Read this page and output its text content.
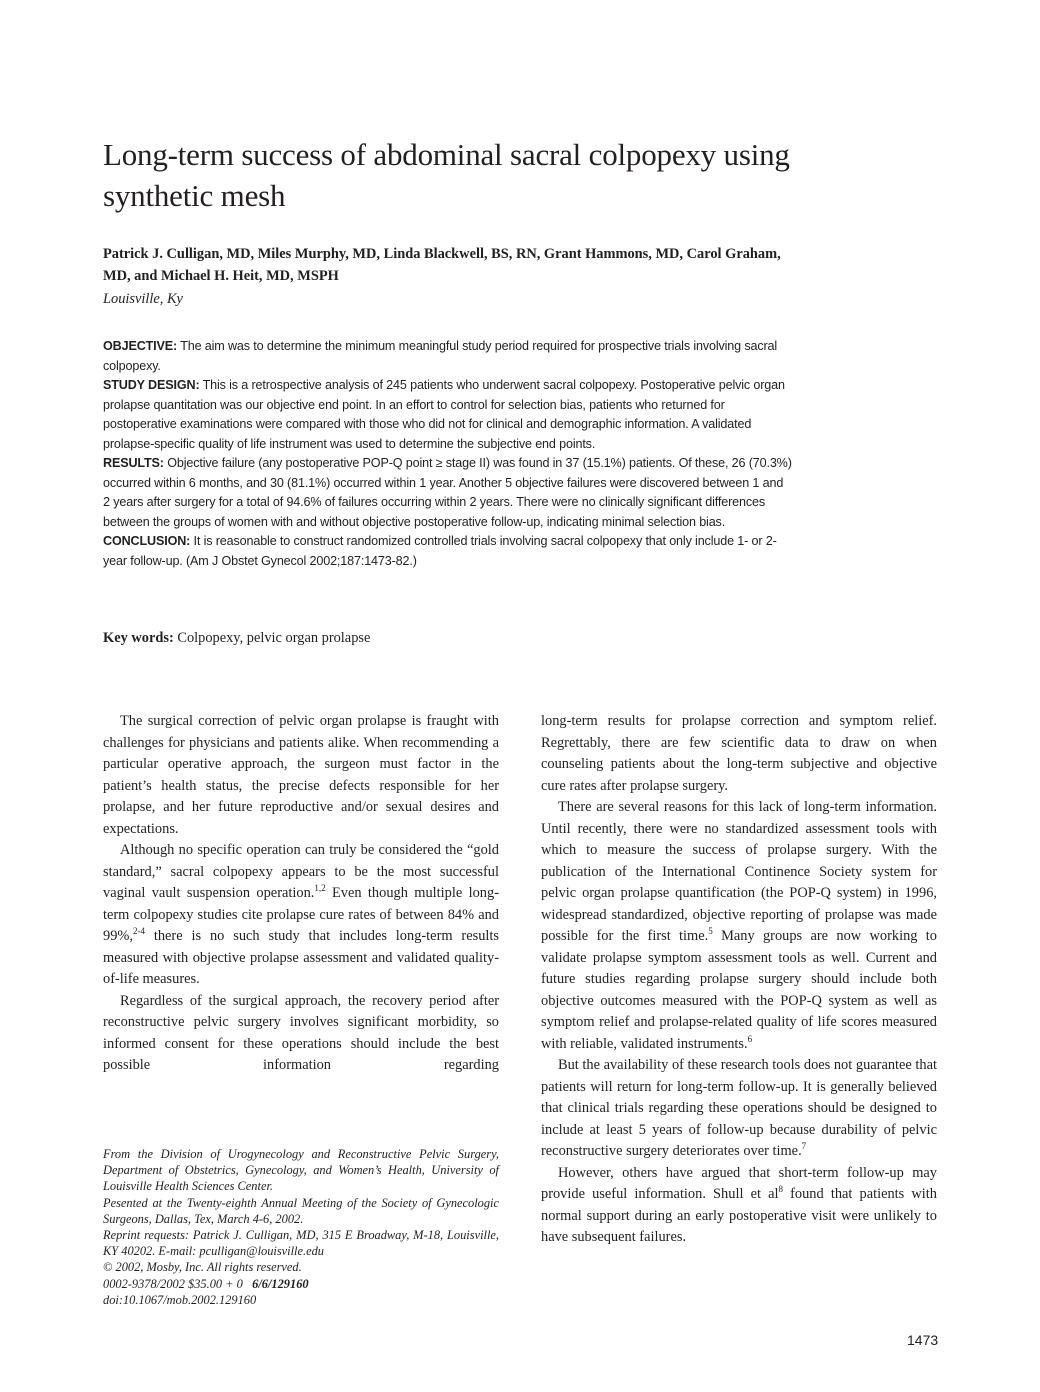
Long-term success of abdominal sacral colpopexy using synthetic mesh
Patrick J. Culligan, MD, Miles Murphy, MD, Linda Blackwell, BS, RN, Grant Hammons, MD, Carol Graham, MD, and Michael H. Heit, MD, MSPH
Louisville, Ky

OBJECTIVE: The aim was to determine the minimum meaningful study period required for prospective trials involving sacral colpopexy.

STUDY DESIGN: This is a retrospective analysis of 245 patients who underwent sacral colpopexy. Postoperative pelvic organ prolapse quantitation was our objective end point. In an effort to control for selection bias, patients who returned for postoperative examinations were compared with those who did not for clinical and demographic information. A validated prolapse-specific quality of life instrument was used to determine the subjective end points.

RESULTS: Objective failure (any postoperative POP-Q point ≥ stage II) was found in 37 (15.1%) patients. Of these, 26 (70.3%) occurred within 6 months, and 30 (81.1%) occurred within 1 year. Another 5 objective failures were discovered between 1 and 2 years after surgery for a total of 94.6% of failures occurring within 2 years. There were no clinically significant differences between the groups of women with and without objective postoperative follow-up, indicating minimal selection bias.

CONCLUSION: It is reasonable to construct randomized controlled trials involving sacral colpopexy that only include 1- or 2-year follow-up. (Am J Obstet Gynecol 2002;187:1473-82.)

Key words: Colpopexy, pelvic organ prolapse

The surgical correction of pelvic organ prolapse is fraught with challenges for physicians and patients alike. When recommending a particular operative approach, the surgeon must factor in the patient’s health status, the precise defects responsible for her prolapse, and her future reproductive and/or sexual desires and expectations.

Although no specific operation can truly be considered the “gold standard,” sacral colpopexy appears to be the most successful vaginal vault suspension operation.$^{1,2}$ Even though multiple long-term colpopexy studies cite prolapse cure rates of between 84% and 99%,$^{2-4}$ there is no such study that includes long-term results measured with objective prolapse assessment and validated quality-of-life measures.

Regardless of the surgical approach, the recovery period after reconstructive pelvic surgery involves significant morbidity, so informed consent for these operations should include the best possible information regarding

long-term results for prolapse correction and symptom relief. Regrettably, there are few scientific data to draw on when counseling patients about the long-term subjective and objective cure rates after prolapse surgery.

There are several reasons for this lack of long-term information. Until recently, there were no standardized assessment tools with which to measure the success of prolapse surgery. With the publication of the International Continence Society system for pelvic organ prolapse quantification (the POP-Q system) in 1996, widespread standardized, objective reporting of prolapse was made possible for the first time.$^5$ Many groups are now working to validate prolapse symptom assessment tools as well. Current and future studies regarding prolapse surgery should include both objective outcomes measured with the POP-Q system as well as symptom relief and prolapse-related quality of life scores measured with reliable, validated instruments.$^6$

But the availability of these research tools does not guarantee that patients will return for long-term follow-up. It is generally believed that clinical trials regarding these operations should be designed to include at least 5 years of follow-up because durability of pelvic reconstructive surgery deteriorates over time.$^7$

However, others have argued that short-term follow-up may provide useful information. Shull et $al^8$ found that patients with normal support during an early postoperative visit were unlikely to have subsequent failures.

From the Division of Urogynecology and Reconstructive Pelvic Surgery, Department of Obstetrics, Gynecology, and Women’s Health, University of Louisville Health Sciences Center.

Pesented at the Twenty-eighth Annual Meeting of the Society of Gynecologic Surgeons, Dallas, Tex, March 4-6, 2002.

Reprint requests: Patrick J. Culligan, MD, 315 E Broadway, M-18, Louisville, KY 40202. E-mail: pculligan@louisville.edu

© 2002, Mosby, Inc. All rights reserved.

0002-9378/2002 $35.00 + 0 6/6/129160

doi:10.1067/mob.2002.129160

1473
